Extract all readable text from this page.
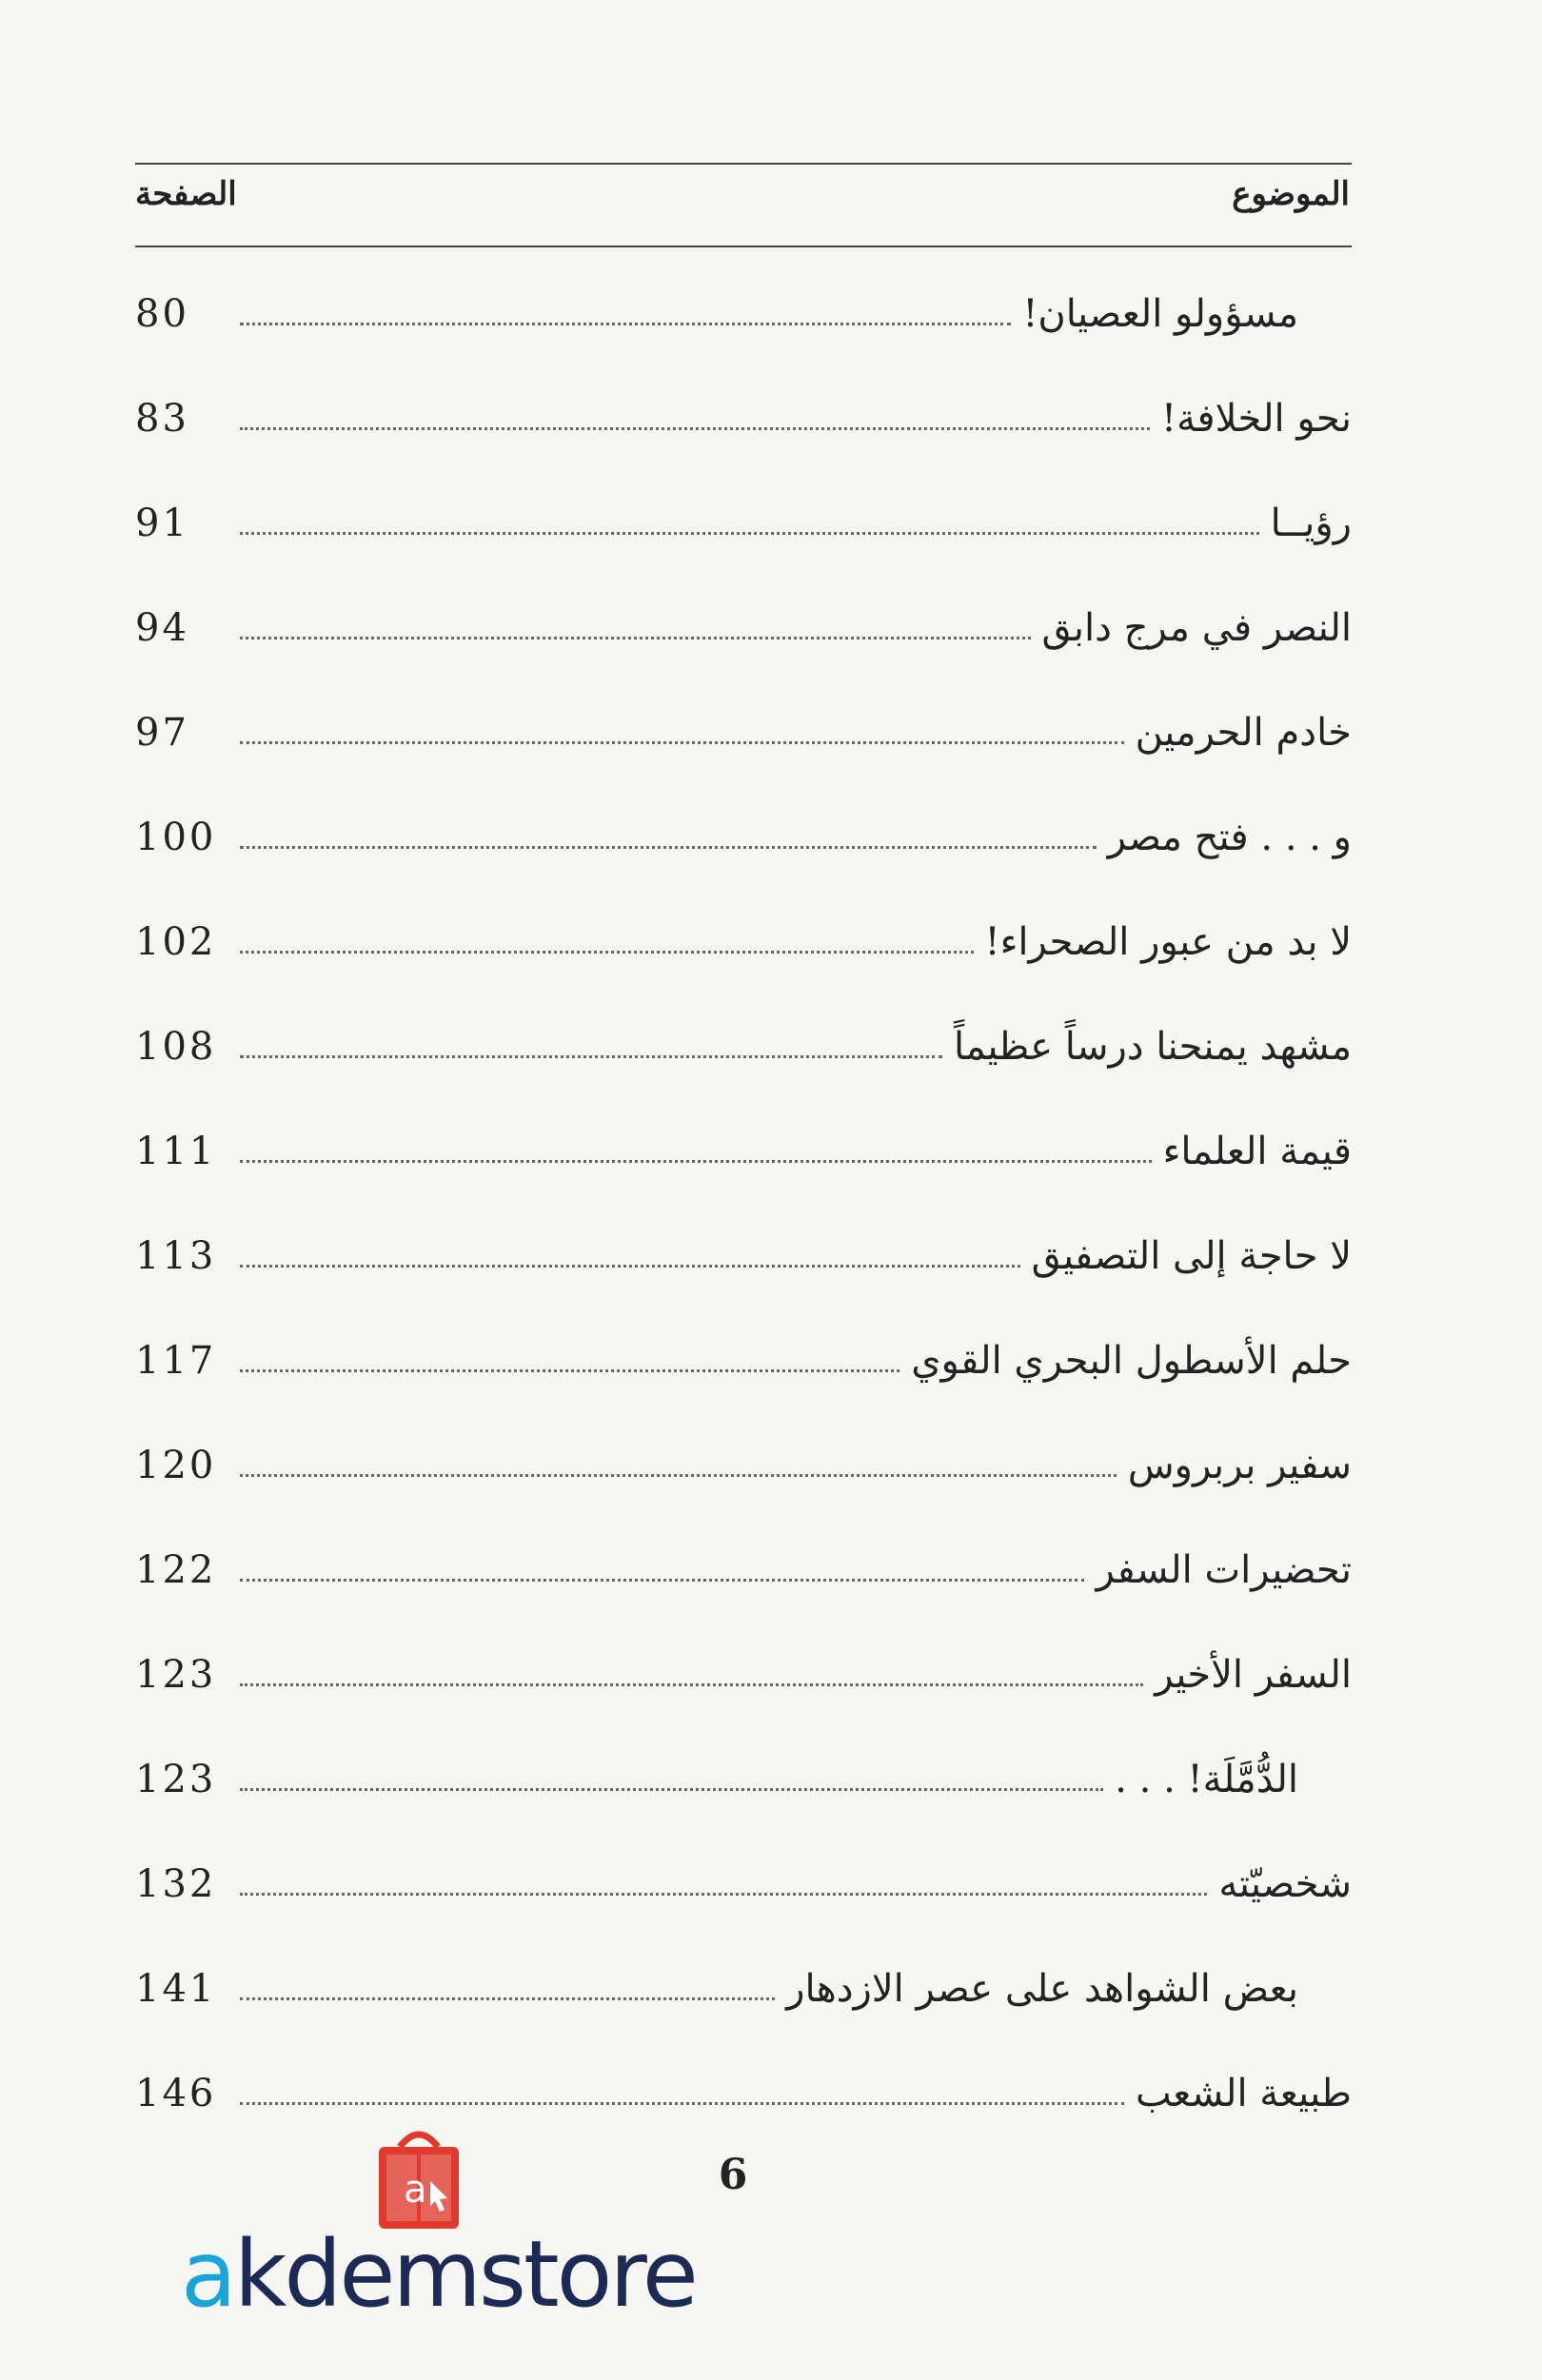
الموضوع
الصفحة
مسؤولو العصيان!
80
نحو الخلافة!
83
رؤيــا
91
النصر في مرج دابق
94
خادم الحرمين
97
و . . . فتح مصر
100
لا بد من عبور الصحراء!
102
مشهد يمنحنا درساً عظيماً
108
قيمة العلماء
111
لا حاجة إلى التصفيق
113
حلم الأسطول البحري القوي
117
سفير بربروس
120
تحضيرات السفر
122
السفر الأخير
123
الدُّمَّلَة! . . .
123
شخصيّته
132
بعض الشواهد على عصر الازدهار
141
طبيعة الشعب
146
6
a
akdemstore
